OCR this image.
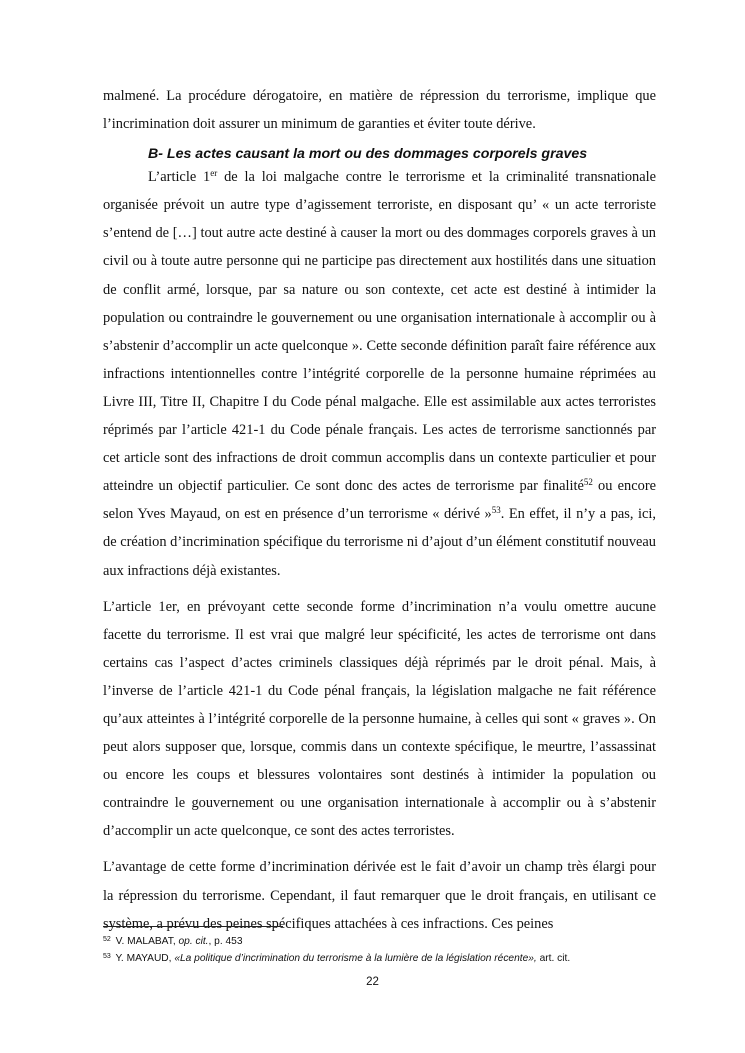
malmené. La procédure dérogatoire, en matière de répression du terrorisme, implique que l’incrimination doit assurer un minimum de garanties et éviter toute dérive.

B- Les actes causant la mort ou des dommages corporels graves

L’article 1er de la loi malgache contre le terrorisme et la criminalité transnationale organisée prévoit un autre type d’agissement terroriste, en disposant qu’ « un acte terroriste s’entend de […] tout autre acte destiné à causer la mort ou des dommages corporels graves à un civil ou à toute autre personne qui ne participe pas directement aux hostilités dans une situation de conflit armé, lorsque, par sa nature ou son contexte, cet acte est destiné à intimider la population ou contraindre le gouvernement ou une organisation internationale à accomplir ou à s’abstenir d’accomplir un acte quelconque ». Cette seconde définition paraît faire référence aux infractions intentionnelles contre l’intégrité corporelle de la personne humaine réprimées au Livre III, Titre II, Chapitre I du Code pénal malgache. Elle est assimilable aux actes terroristes réprimés par l’article 421-1 du Code pénale français. Les actes de terrorisme sanctionnés par cet article sont des infractions de droit commun accomplis dans un contexte particulier et pour atteindre un objectif particulier. Ce sont donc des actes de terrorisme par finalité$^{52}$ ou encore selon Yves Mayaud, on est en présence d’un terrorisme « dérivé »$^{53}$. En effet, il n’y a pas, ici, de création d’incrimination spécifique du terrorisme ni d’ajout d’un élément constitutif nouveau aux infractions déjà existantes.

L’article 1er, en prévoyant cette seconde forme d’incrimination n’a voulu omettre aucune facette du terrorisme. Il est vrai que malgré leur spécificité, les actes de terrorisme ont dans certains cas l’aspect d’actes criminels classiques déjà réprimés par le droit pénal. Mais, à l’inverse de l’article 421-1 du Code pénal français, la législation malgache ne fait référence qu’aux atteintes à l’intégrité corporelle de la personne humaine, à celles qui sont « graves ». On peut alors supposer que, lorsque, commis dans un contexte spécifique, le meurtre, l’assassinat ou encore les coups et blessures volontaires sont destinés à intimider la population ou contraindre le gouvernement ou une organisation internationale à accomplir ou à s’abstenir d’accomplir un acte quelconque, ce sont des actes terroristes.

L’avantage de cette forme d’incrimination dérivée est le fait d’avoir un champ très élargi pour la répression du terrorisme. Cependant, il faut remarquer que le droit français, en utilisant ce système, a prévu des peines spécifiques attachées à ces infractions. Ces peines

$^{52}$ V. MALABAT, op. cit., p. 453
$^{53}$ Y. MAYAUD, «La politique d’incrimination du terrorisme à la lumière de la législation récente», art. cit.
22
